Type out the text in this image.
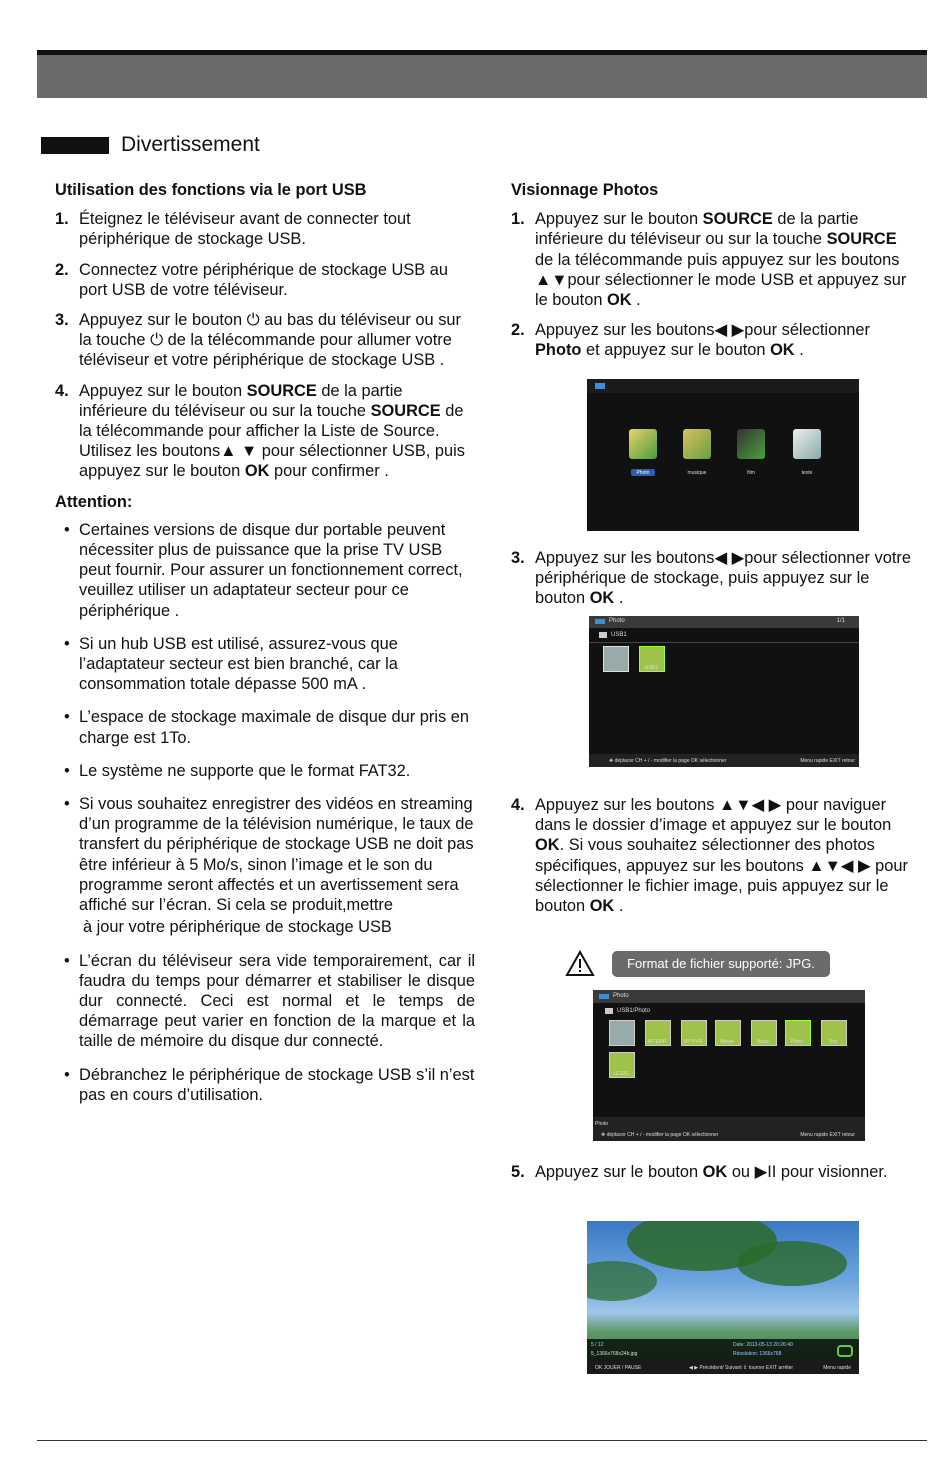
Divertissement
Utilisation des fonctions via le port USB
1. Éteignez le téléviseur avant de connecter tout périphérique de stockage USB.
2. Connectez votre périphérique de stockage USB au port USB de votre téléviseur.
3. Appuyez sur le bouton ⏻ au bas du téléviseur ou sur la touche ⏻ de la télécommande pour allumer votre téléviseur et votre périphérique de stockage USB .
4. Appuyez sur le bouton SOURCE de la partie inférieure du téléviseur ou sur la touche SOURCE de la télécommande pour afficher la Liste de Source. Utilisez les boutons▲ ▼ pour sélectionner USB, puis appuyez sur le bouton OK pour confirmer .
Attention:
• Certaines versions de disque dur portable peuvent nécessiter plus de puissance que la prise TV USB peut fournir. Pour assurer un fonctionnement correct, veuillez utiliser un adaptateur secteur pour ce périphérique .
• Si un hub USB est utilisé, assurez-vous que l’adaptateur secteur est bien branché, car la consommation totale dépasse 500 mA .
• L’espace de stockage maximale de disque dur pris en charge est 1To.
• Le système ne supporte que le format FAT32.
• Si vous souhaitez enregistrer des vidéos en streaming d’un programme de la télévision numérique, le taux de transfert du périphérique de stockage USB ne doit pas être inférieur à 5 Mo/s, sinon l’image et le son du programme seront affectés et un avertissement sera affiché sur l’écran. Si cela se produit,mettre
à jour votre périphérique de stockage USB
• L’écran du téléviseur sera vide temporairement, car il faudra du temps pour démarrer et stabiliser le disque dur connecté. Ceci est normal et le temps de démarrage peut varier en fonction de la marque et la taille de mémoire du disque dur connecté.
• Débranchez le périphérique de stockage USB s’il n’est pas en cours d’utilisation.
Visionnage Photos
1. Appuyez sur le bouton SOURCE de la partie inférieure du téléviseur ou sur la touche SOURCE de la télécommande puis appuyez sur les boutons ▲▼pour sélectionner le mode USB et appuyez sur le bouton OK .
2. Appuyez sur les boutons◀ ▶pour sélectionner Photo et appuyez sur le bouton OK .
3. Appuyez sur les boutons◀ ▶pour sélectionner votre périphérique de stockage, puis appuyez sur le bouton OK .
4. Appuyez sur les boutons ▲▼◀ ▶ pour naviguer dans le dossier d’image et appuyez sur le bouton OK. Si vous souhaitez sélectionner des photos spécifiques, appuyez sur les boutons ▲▼◀ ▶ pour sélectionner le fichier image, puis appuyez sur le bouton OK .
5. Appuyez sur le bouton OK ou ▶II pour visionner.
Photo	musique	film	texte
Photo	1/1
USB1
...	USB1
✥ déplacer CH + / - modifier la page OK sélectionner	Menu rapide EXIT retour
Format de fichier supporté: JPG.
Photo
USB1/Photo
...	AITEMP	MY PVR	Movie	Music	Photo	Text
LE32G
Photo
✥ déplacer CH + / - modifier la page OK sélectionner	Menu rapide EXIT retour
5 / 12
5_1366x768x24b.jpg
Date: 2013-05-13 20:26:40
Résolution: 1366x768
OK JOUER / PAUSE	◀ ▶ Précédent/ Suivant ⇕ tourner EXIT arrêter	Menu rapide
